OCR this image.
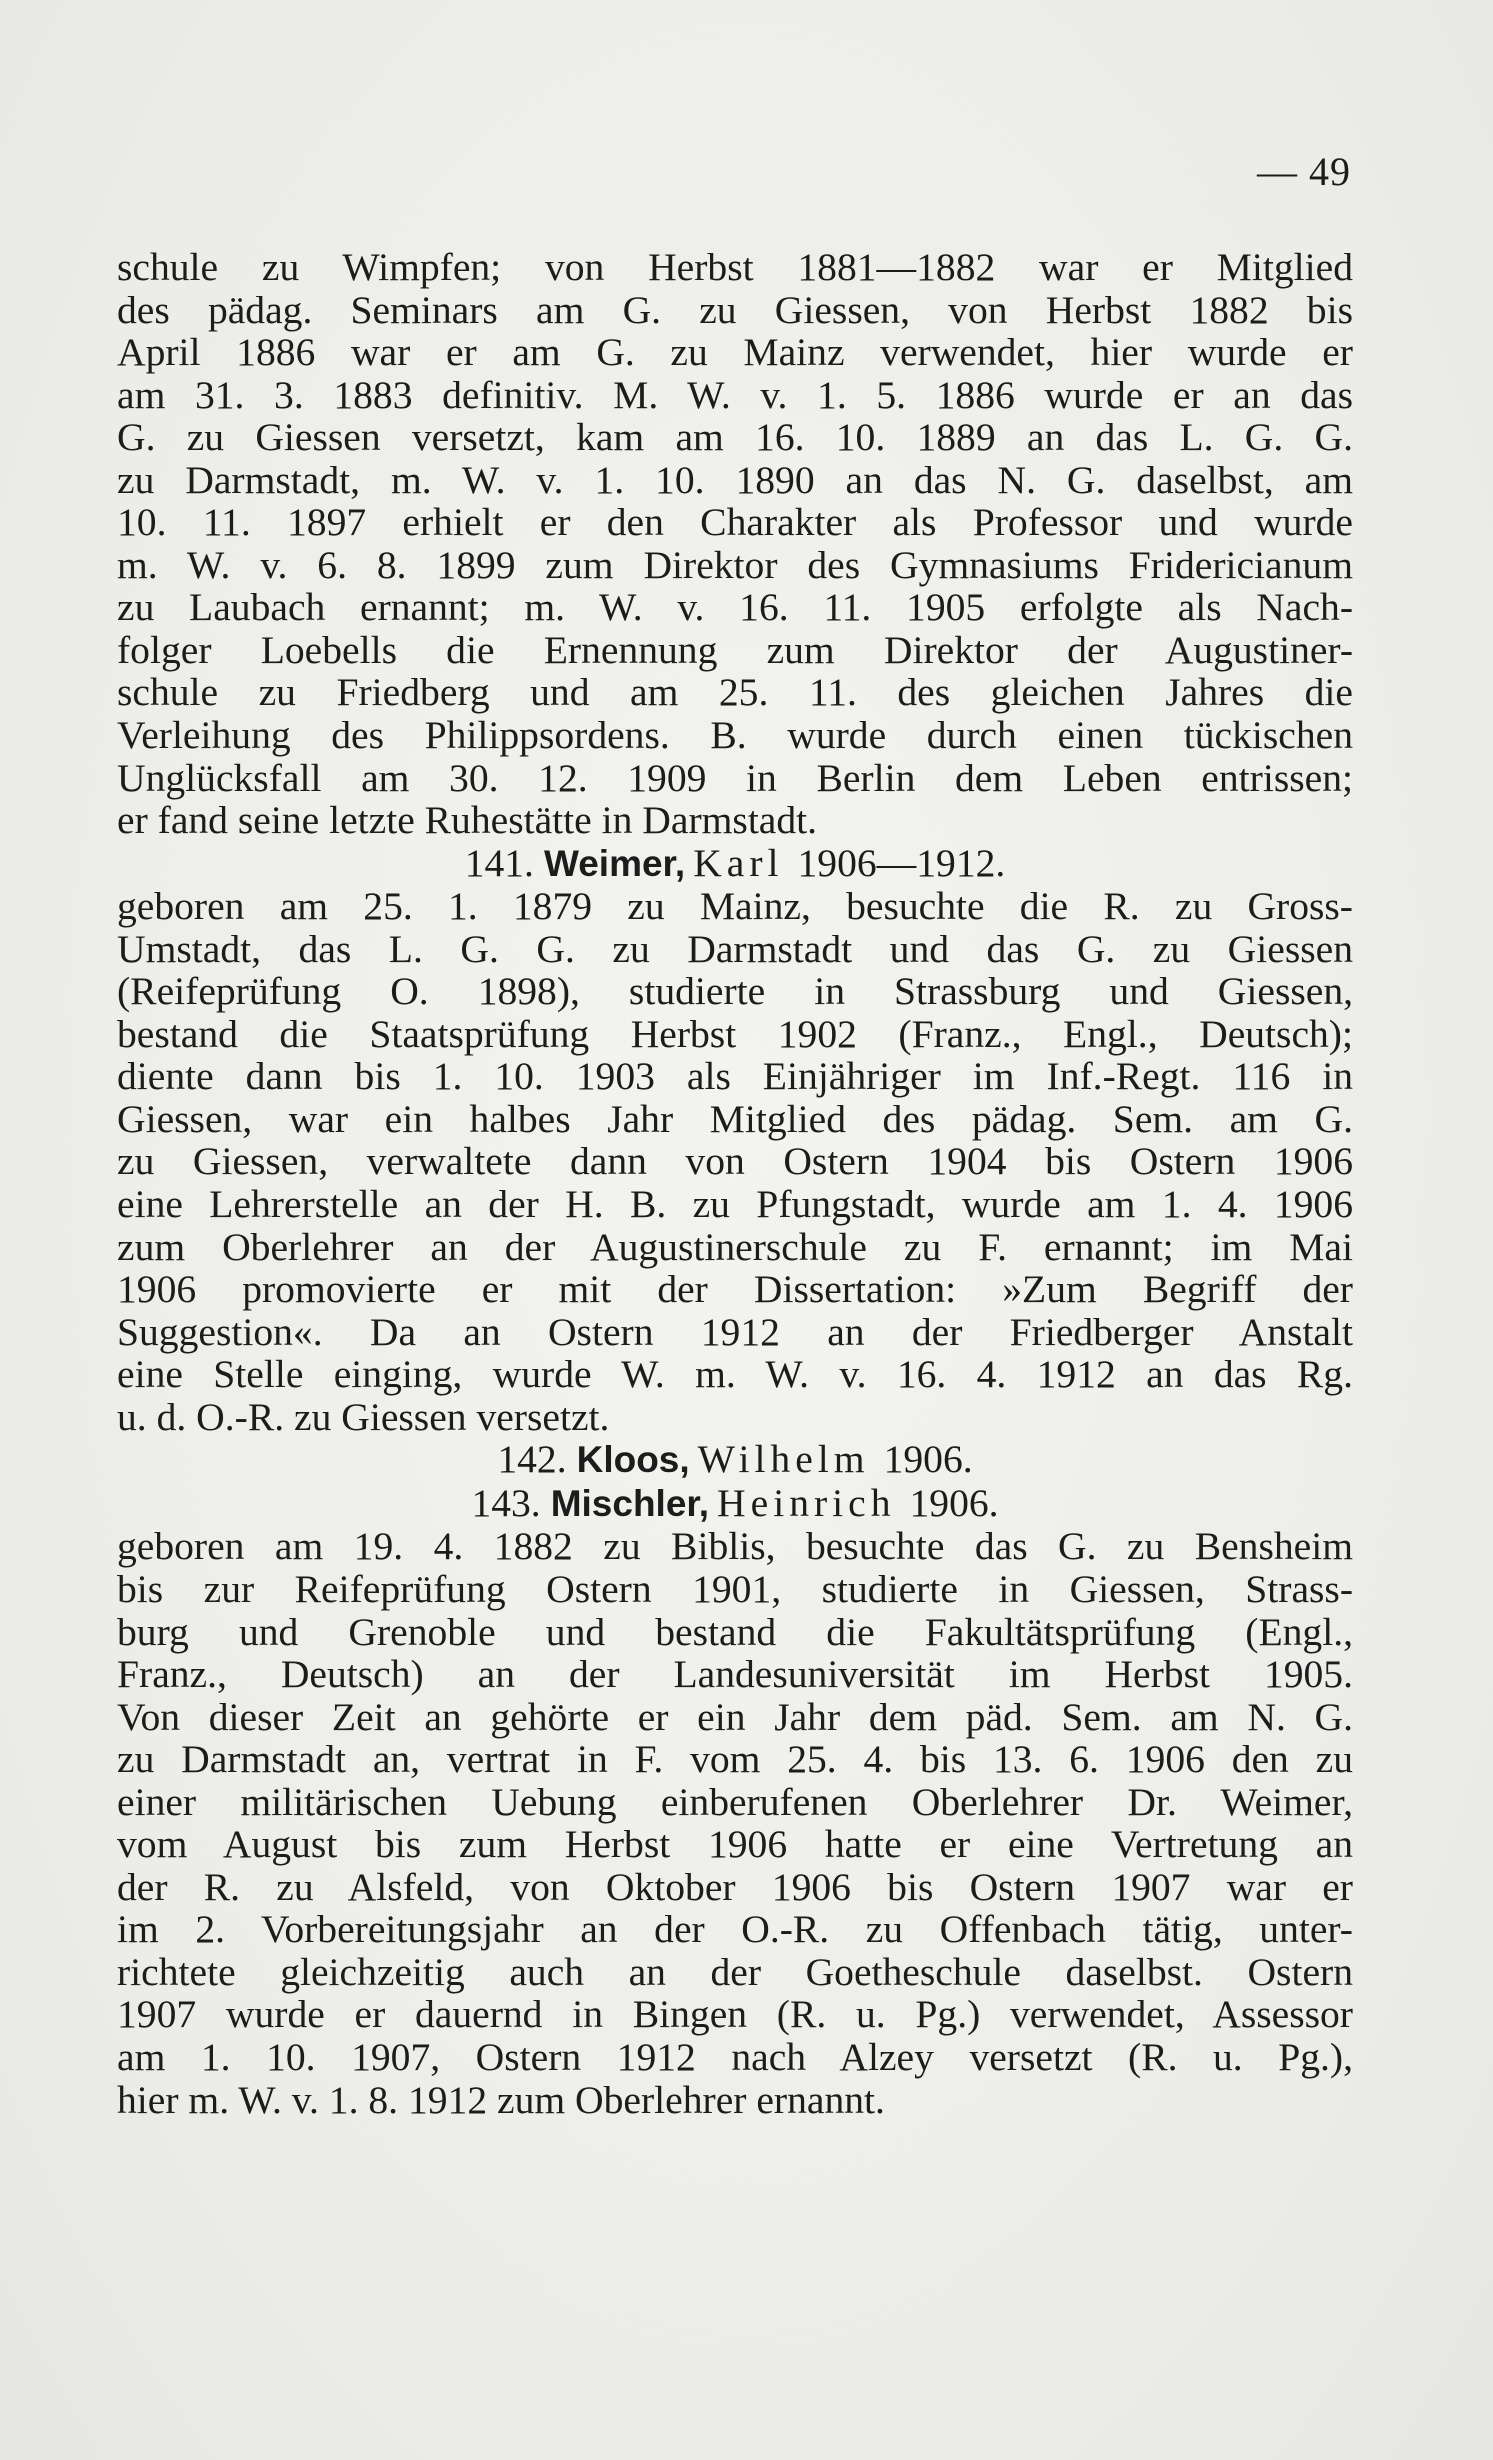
— 49
schule zu Wimpfen; von Herbst 1881—1882 war er Mitglied
des pädag. Seminars am G. zu Giessen, von Herbst 1882 bis
April 1886 war er am G. zu Mainz verwendet, hier wurde er
am 31. 3. 1883 definitiv. M. W. v. 1. 5. 1886 wurde er an das
G. zu Giessen versetzt, kam am 16. 10. 1889 an das L. G. G.
zu Darmstadt, m. W. v. 1. 10. 1890 an das N. G. daselbst, am
10. 11. 1897 erhielt er den Charakter als Professor und wurde
m. W. v. 6. 8. 1899 zum Direktor des Gymnasiums Fridericianum
zu Laubach ernannt; m. W. v. 16. 11. 1905 erfolgte als Nach-
folger Loebells die Ernennung zum Direktor der Augustiner-
schule zu Friedberg und am 25. 11. des gleichen Jahres die
Verleihung des Philippsordens. B. wurde durch einen tückischen
Unglücksfall am 30. 12. 1909 in Berlin dem Leben entrissen;
er fand seine letzte Ruhestätte in Darmstadt.
141. Weimer, Karl 1906—1912.
geboren am 25. 1. 1879 zu Mainz, besuchte die R. zu Gross-
Umstadt, das L. G. G. zu Darmstadt und das G. zu Giessen
(Reifeprüfung O. 1898), studierte in Strassburg und Giessen,
bestand die Staatsprüfung Herbst 1902 (Franz., Engl., Deutsch);
diente dann bis 1. 10. 1903 als Einjähriger im Inf.-Regt. 116 in
Giessen, war ein halbes Jahr Mitglied des pädag. Sem. am G.
zu Giessen, verwaltete dann von Ostern 1904 bis Ostern 1906
eine Lehrerstelle an der H. B. zu Pfungstadt, wurde am 1. 4. 1906
zum Oberlehrer an der Augustinerschule zu F. ernannt; im Mai
1906 promovierte er mit der Dissertation: »Zum Begriff der
Suggestion«. Da an Ostern 1912 an der Friedberger Anstalt
eine Stelle einging, wurde W. m. W. v. 16. 4. 1912 an das Rg.
u. d. O.-R. zu Giessen versetzt.
142. Kloos, Wilhelm 1906.
143. Mischler, Heinrich 1906.
geboren am 19. 4. 1882 zu Biblis, besuchte das G. zu Bensheim
bis zur Reifeprüfung Ostern 1901, studierte in Giessen, Strass-
burg und Grenoble und bestand die Fakultätsprüfung (Engl.,
Franz., Deutsch) an der Landesuniversität im Herbst 1905.
Von dieser Zeit an gehörte er ein Jahr dem päd. Sem. am N. G.
zu Darmstadt an, vertrat in F. vom 25. 4. bis 13. 6. 1906 den zu
einer militärischen Uebung einberufenen Oberlehrer Dr. Weimer,
vom August bis zum Herbst 1906 hatte er eine Vertretung an
der R. zu Alsfeld, von Oktober 1906 bis Ostern 1907 war er
im 2. Vorbereitungsjahr an der O.-R. zu Offenbach tätig, unter-
richtete gleichzeitig auch an der Goetheschule daselbst. Ostern
1907 wurde er dauernd in Bingen (R. u. Pg.) verwendet, Assessor
am 1. 10. 1907, Ostern 1912 nach Alzey versetzt (R. u. Pg.),
hier m. W. v. 1. 8. 1912 zum Oberlehrer ernannt.
